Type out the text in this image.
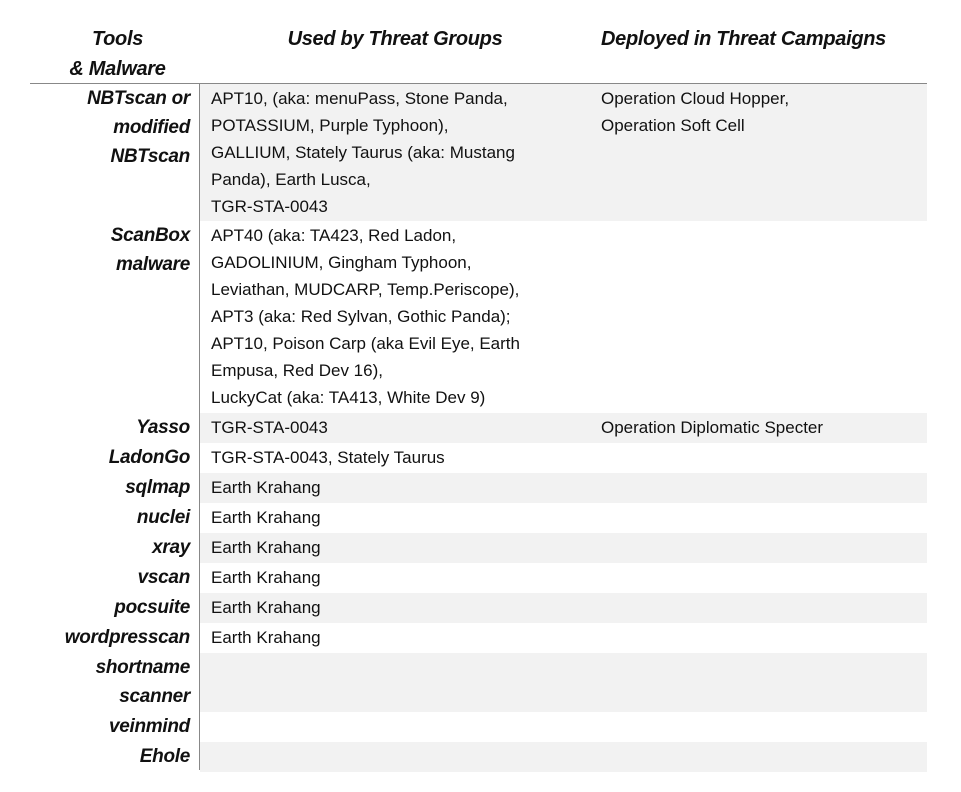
Tools
& Malware
Used by Threat Groups	Deployed in Threat Campaigns
NBTscan or
modified
NBTscan
APT10, (aka: menuPass, Stone Panda,
POTASSIUM, Purple Typhoon),
GALLIUM, Stately Taurus (aka: Mustang
Panda), Earth Lusca,
TGR-STA-0043
Operation Cloud Hopper,
Operation Soft Cell
ScanBox
malware
APT40 (aka: TA423, Red Ladon,
GADOLINIUM, Gingham Typhoon,
Leviathan, MUDCARP, Temp.Periscope),
APT3 (aka: Red Sylvan, Gothic Panda);
APT10, Poison Carp (aka Evil Eye, Earth
Empusa, Red Dev 16),
LuckyCat (aka: TA413, White Dev 9)
Yasso TGR-STA-0043	Operation Diplomatic Specter
LadonGo TGR-STA-0043, Stately Taurus
sqlmap Earth Krahang
nuclei Earth Krahang
xray Earth Krahang
vscan Earth Krahang
pocsuite Earth Krahang
wordpresscan Earth Krahang
shortname
scanner
veinmind
Ehole
